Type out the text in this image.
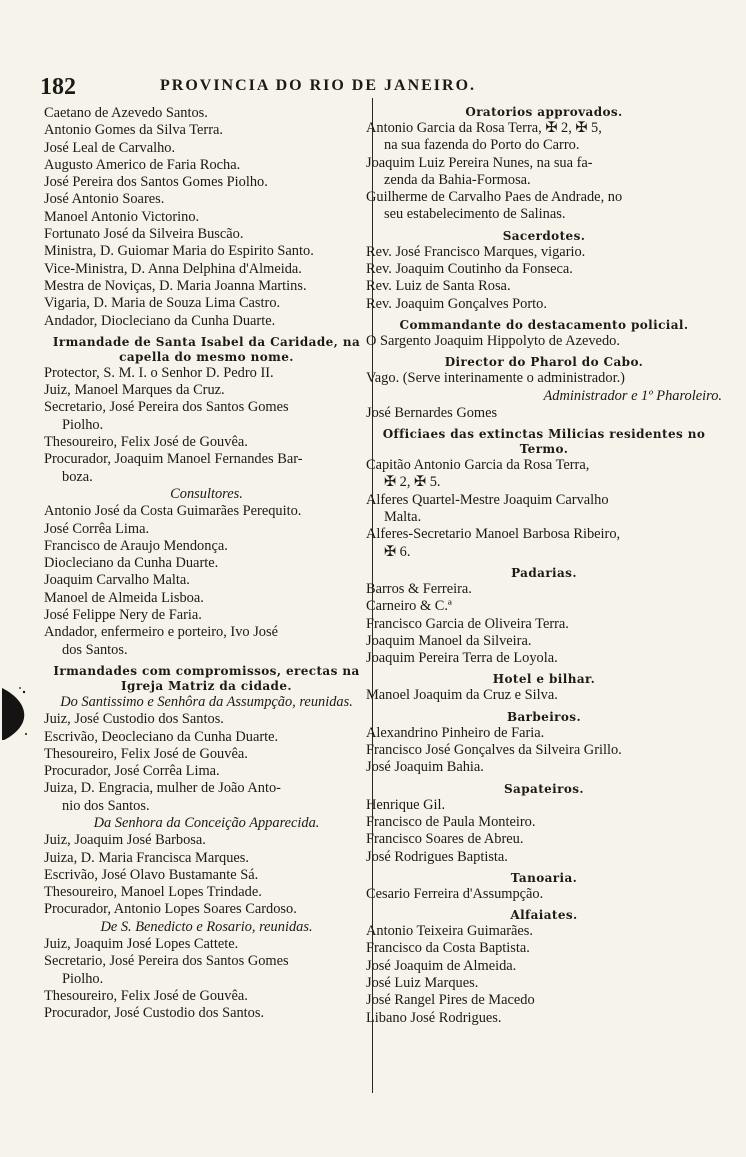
182	PROVINCIA DO RIO DE JANEIRO.
Caetano de Azevedo Santos.
Antonio Gomes da Silva Terra.
José Leal de Carvalho.
Augusto Americo de Faria Rocha.
José Pereira dos Santos Gomes Piolho.
José Antonio Soares.
Manoel Antonio Victorino.
Fortunato José da Silveira Buscão.
Ministra, D. Guiomar Maria do Espirito Santo.
Vice-Ministra, D. Anna Delphina d'Almeida.
Mestra de Noviças, D. Maria Joanna Martins.
Vigaria, D. Maria de Souza Lima Castro.
Andador, Diocleciano da Cunha Duarte.
Irmandade de Santa Isabel da Caridade, na capella do mesmo nome.
Protector, S. M. I. o Senhor D. Pedro II.
Juiz, Manoel Marques da Cruz.
Secretario, José Pereira dos Santos Gomes
Piolho.
Thesoureiro, Felix José de Gouvêa.
Procurador, Joaquim Manoel Fernandes Bar-
boza.
Consultores.
Antonio José da Costa Guimarães Perequito.
José Corrêa Lima.
Francisco de Araujo Mendonça.
Diocleciano da Cunha Duarte.
Joaquim Carvalho Malta.
Manoel de Almeida Lisboa.
José Felippe Nery de Faria.
Andador, enfermeiro e porteiro, Ivo José
dos Santos.
Irmandades com compromissos, erectas na Igreja Matriz da cidade.
Do Santissimo e Senhôra da Assumpção, reunidas.
Juiz, José Custodio dos Santos.
Escrivão, Deocleciano da Cunha Duarte.
Thesoureiro, Felix José de Gouvêa.
Procurador, José Corrêa Lima.
Juiza, D. Engracia, mulher de João Anto-
nio dos Santos.
Da Senhora da Conceição Apparecida.
Juiz, Joaquim José Barbosa.
Juiza, D. Maria Francisca Marques.
Escrivão, José Olavo Bustamante Sá.
Thesoureiro, Manoel Lopes Trindade.
Procurador, Antonio Lopes Soares Cardoso.
De S. Benedicto e Rosario, reunidas.
Juiz, Joaquim José Lopes Cattete.
Secretario, José Pereira dos Santos Gomes
Piolho.
Thesoureiro, Felix José de Gouvêa.
Procurador, José Custodio dos Santos.
Oratorios approvados.
Antonio Garcia da Rosa Terra, ✠ 2, ✠ 5,
na sua fazenda do Porto do Carro.
Joaquim Luiz Pereira Nunes, na sua fa-
zenda da Bahia-Formosa.
Guilherme de Carvalho Paes de Andrade, no
seu estabelecimento de Salinas.
Sacerdotes.
Rev. José Francisco Marques, vigario.
Rev. Joaquim Coutinho da Fonseca.
Rev. Luiz de Santa Rosa.
Rev. Joaquim Gonçalves Porto.
Commandante do destacamento policial.
O Sargento Joaquim Hippolyto de Azevedo.
Director do Pharol do Cabo.
Vago. (Serve interinamente o administrador.)
Administrador e 1º Pharoleiro.
José Bernardes Gomes
Officiaes das extinctas Milicias residentes no Termo.
Capitão Antonio Garcia da Rosa Terra,
✠ 2, ✠ 5.
Alferes Quartel-Mestre Joaquim Carvalho
Malta.
Alferes-Secretario Manoel Barbosa Ribeiro,
✠ 6.
Padarias.
Barros & Ferreira.
Carneiro & C.ª
Francisco Garcia de Oliveira Terra.
Joaquim Manoel da Silveira.
Joaquim Pereira Terra de Loyola.
Hotel e bilhar.
Manoel Joaquim da Cruz e Silva.
Barbeiros.
Alexandrino Pinheiro de Faria.
Francisco José Gonçalves da Silveira Grillo.
José Joaquim Bahia.
Sapateiros.
Henrique Gil.
Francisco de Paula Monteiro.
Francisco Soares de Abreu.
José Rodrigues Baptista.
Tanoaria.
Cesario Ferreira d'Assumpção.
Alfaiates.
Antonio Teixeira Guimarães.
Francisco da Costa Baptista.
José Joaquim de Almeida.
José Luiz Marques.
José Rangel Pires de Macedo
Libano José Rodrigues.
